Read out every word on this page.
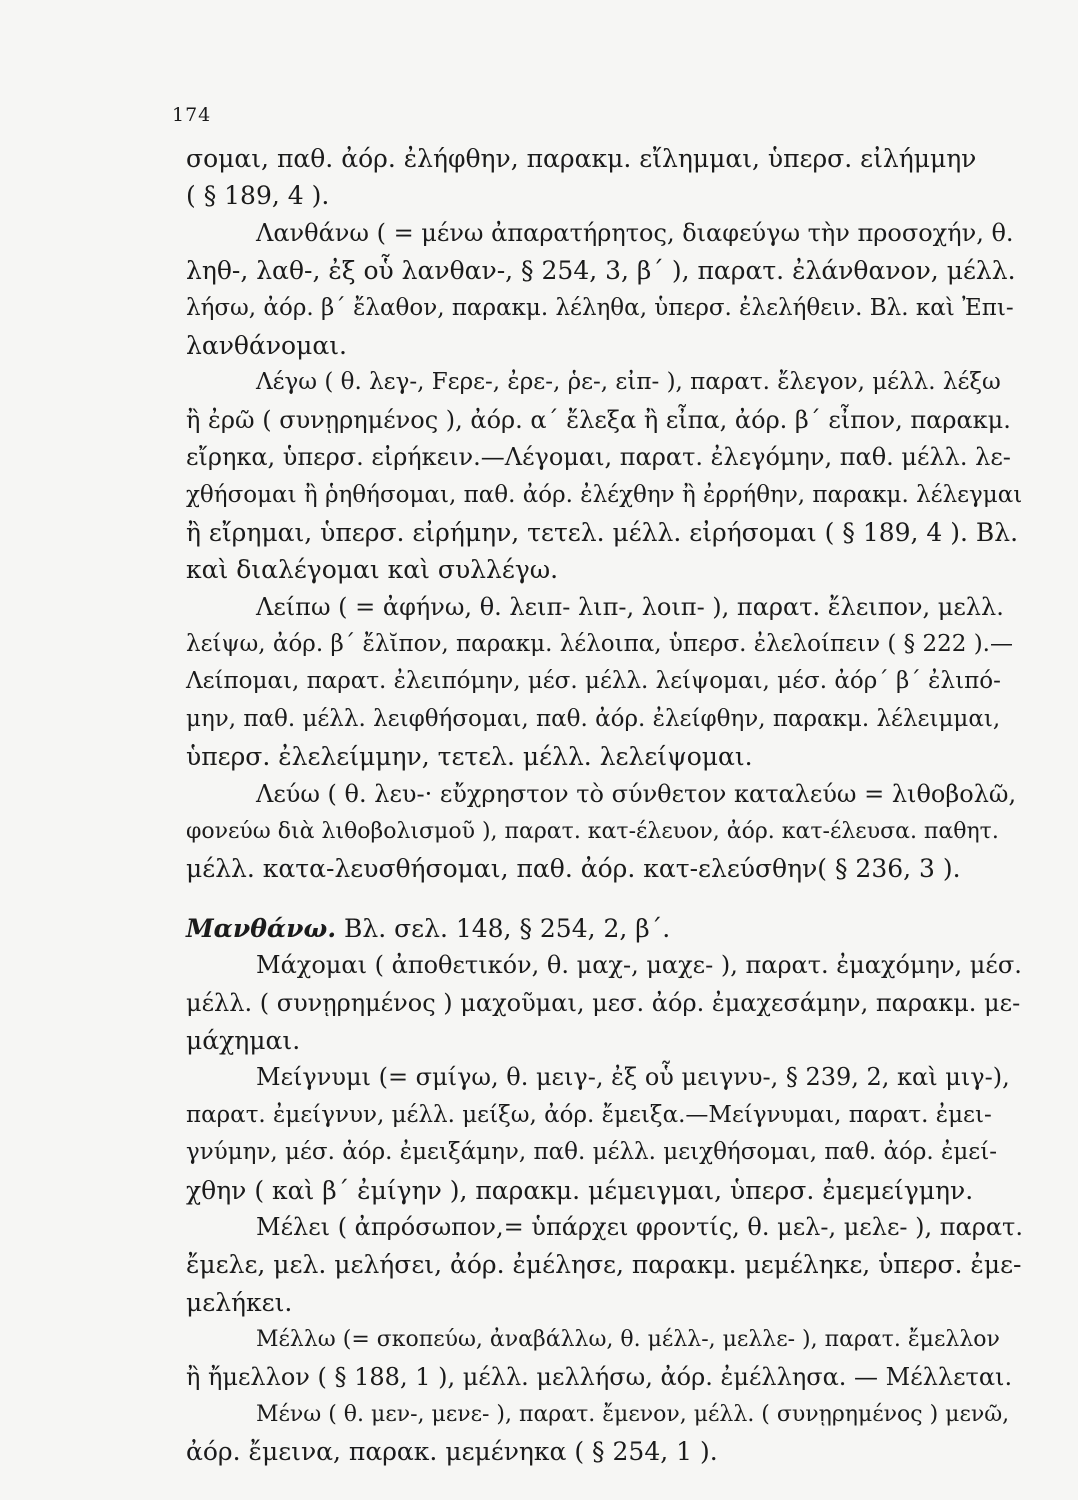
174
σομαι, παθ. ἀόρ. ἐλήφθην, παρακμ. εἴλημμαι, ὑπερσ. εἰλήμμην
( § 189, 4 ).
Λανθάνω ( = μένω ἀπαρατήρητος, διαφεύγω τὴν προσοχήν, θ.
ληθ-, λαθ-, ἐξ οὗ λανθαν-, § 254, 3, β΄ ), παρατ. ἐλάνθανον, μέλλ.
λήσω, ἀόρ. β΄ ἔλαθον, παρακμ. λέληθα, ὑπερσ. ἐλελήθειν. Βλ. καὶ Ἐπι-
λανθάνομαι.
Λέγω ( θ. λεγ-, Fερε-, ἐρε-, ῥε-, εἰπ- ), παρατ. ἔλεγον, μέλλ. λέξω
ἢ ἐρῶ ( συνῃρημένος ), ἀόρ. α΄ ἔλεξα ἢ εἶπα, ἀόρ. β΄ εἶπον, παρακμ.
εἴρηκα, ὑπερσ. εἰρήκειν.—Λέγομαι, παρατ. ἐλεγόμην, παθ. μέλλ. λε-
χθήσομαι ἢ ῥηθήσομαι, παθ. ἀόρ. ἐλέχθην ἢ ἐρρήθην, παρακμ. λέλεγμαι
ἢ εἴρημαι, ὑπερσ. εἰρήμην, τετελ. μέλλ. εἰρήσομαι ( § 189, 4 ). Βλ.
καὶ διαλέγομαι καὶ συλλέγω.
Λείπω ( = ἀφήνω, θ. λειπ- λιπ-, λοιπ- ), παρατ. ἔλειπον, μελλ.
λείψω, ἀόρ. β΄ ἔλῐπον, παρακμ. λέλοιπα, ὑπερσ. ἐλελοίπειν ( § 222 ).—
Λείπομαι, παρατ. ἐλειπόμην, μέσ. μέλλ. λείψομαι, μέσ. ἀόρ΄ β΄ ἐλιπό-
μην, παθ. μέλλ. λειφθήσομαι, παθ. ἀόρ. ἐλείφθην, παρακμ. λέλειμμαι,
ὑπερσ. ἐλελείμμην, τετελ. μέλλ. λελείψομαι.
Λεύω ( θ. λευ-· εὔχρηστον τὸ σύνθετον καταλεύω = λιθοβολῶ,
φονεύω διὰ λιθοβολισμοῦ ), παρατ. κατ-έλευον, ἀόρ. κατ-έλευσα. παθητ.
μέλλ. κατα-λευσθήσομαι, παθ. ἀόρ. κατ-ελεύσθην( § 236, 3 ).
Μανθάνω. Βλ. σελ. 148, § 254, 2, β΄.
Μάχομαι ( ἀποθετικόν, θ. μαχ-, μαχε- ), παρατ. ἐμαχόμην, μέσ.
μέλλ. ( συνῃρημένος ) μαχοῦμαι, μεσ. ἀόρ. ἐμαχεσάμην, παρακμ. με-
μάχημαι.
Μείγνυμι (= σμίγω, θ. μειγ-, ἐξ οὗ μειγνυ-, § 239, 2, καὶ μιγ-),
παρατ. ἐμείγνυν, μέλλ. μείξω, ἀόρ. ἔμειξα.—Μείγνυμαι, παρατ. ἐμει-
γνύμην, μέσ. ἀόρ. ἐμειξάμην, παθ. μέλλ. μειχθήσομαι, παθ. ἀόρ. ἐμεί-
χθην ( καὶ β΄ ἐμίγην ), παρακμ. μέμειγμαι, ὑπερσ. ἐμεμείγμην.
Μέλει ( ἀπρόσωπον,= ὑπάρχει φροντίς, θ. μελ-, μελε- ), παρατ.
ἔμελε, μελ. μελήσει, ἀόρ. ἐμέλησε, παρακμ. μεμέληκε, ὑπερσ. ἐμε-
μελήκει.
Μέλλω (= σκοπεύω, ἀναβάλλω, θ. μέλλ-, μελλε- ), παρατ. ἔμελλον
ἢ ἤμελλον ( § 188, 1 ), μέλλ. μελλήσω, ἀόρ. ἐμέλλησα. — Μέλλεται.
Μένω ( θ. μεν-, μενε- ), παρατ. ἔμενον, μέλλ. ( συνῃρημένος ) μενῶ,
ἀόρ. ἔμεινα, παρακ. μεμένηκα ( § 254, 1 ).
